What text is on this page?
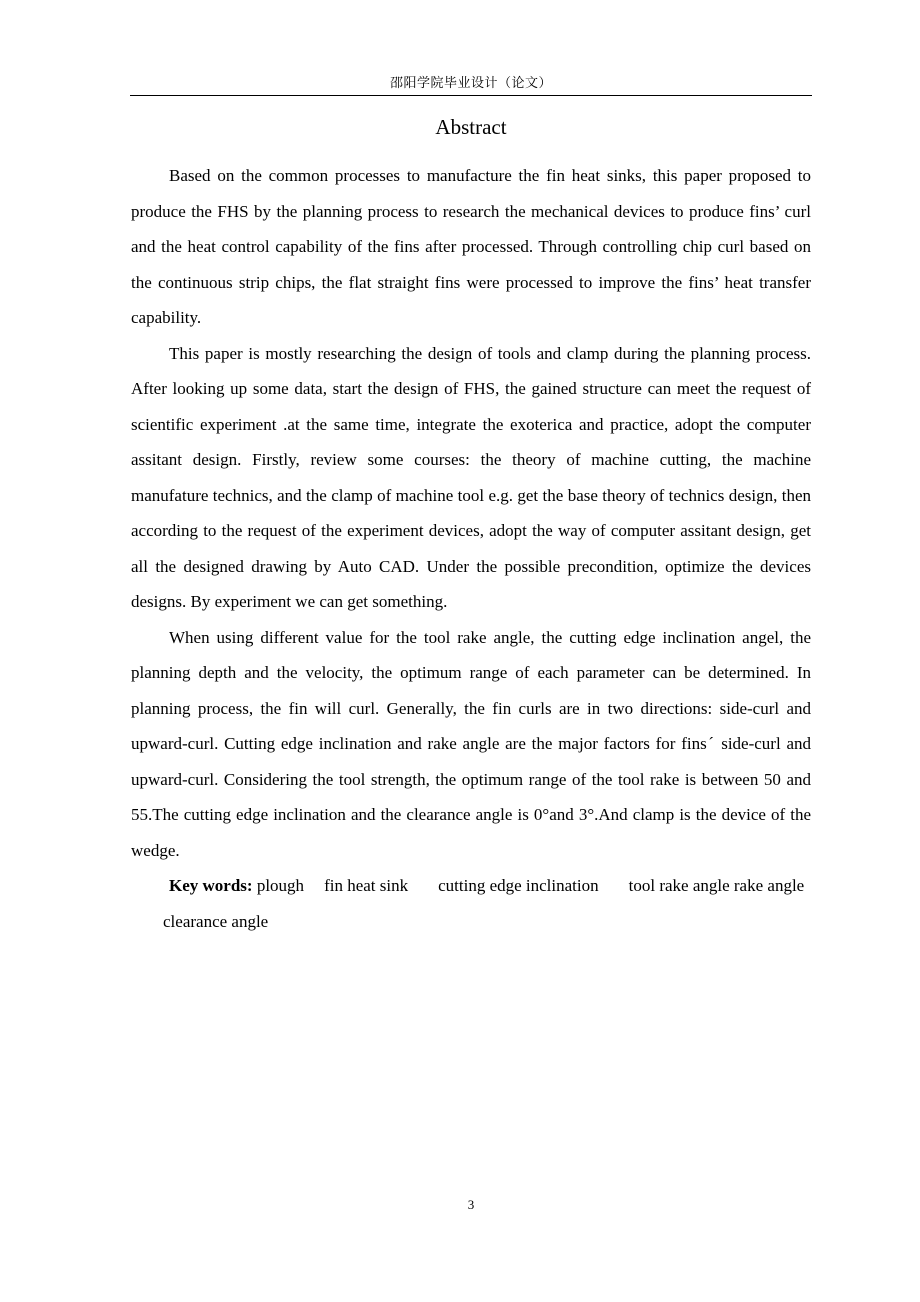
邵阳学院毕业设计（论文）
Abstract

Based on the common processes to manufacture the fin heat sinks, this paper proposed to produce the FHS by the planning process to research the mechanical devices to produce fins’ curl and the heat control capability of the fins after processed. Through controlling chip curl based on the continuous strip chips, the flat straight fins were processed to improve the fins’ heat transfer capability.

This paper is mostly researching the design of tools and clamp during the planning process. After looking up some data, start the design of FHS, the gained structure can meet the request of scientific experiment .at the same time, integrate the exoterica and practice, adopt the computer assitant design. Firstly, review some courses: the theory of machine cutting, the machine manufature technics, and the clamp of machine tool e.g. get the base theory of technics design, then according to the request of the experiment devices, adopt the way of computer assitant design, get all the designed drawing by Auto CAD. Under the possible precondition, optimize the devices designs. By experiment we can get something.

When using different value for the tool rake angle, the cutting edge inclination angel, the planning depth and the velocity, the optimum range of each parameter can be determined. In planning process, the fin will curl. Generally, the fin curls are in two directions: side-curl and upward-curl. Cutting edge inclination and rake angle are the major factors for finsˊ side-curl and upward-curl. Considering the tool strength, the optimum range of the tool rake is between 50 and 55.The cutting edge inclination and the clearance angle is 0°and 3°.And clamp is the device of the wedge.

Key words: plough fin heat sink cutting edge inclination tool rake angle rake angleclearance angle

3
